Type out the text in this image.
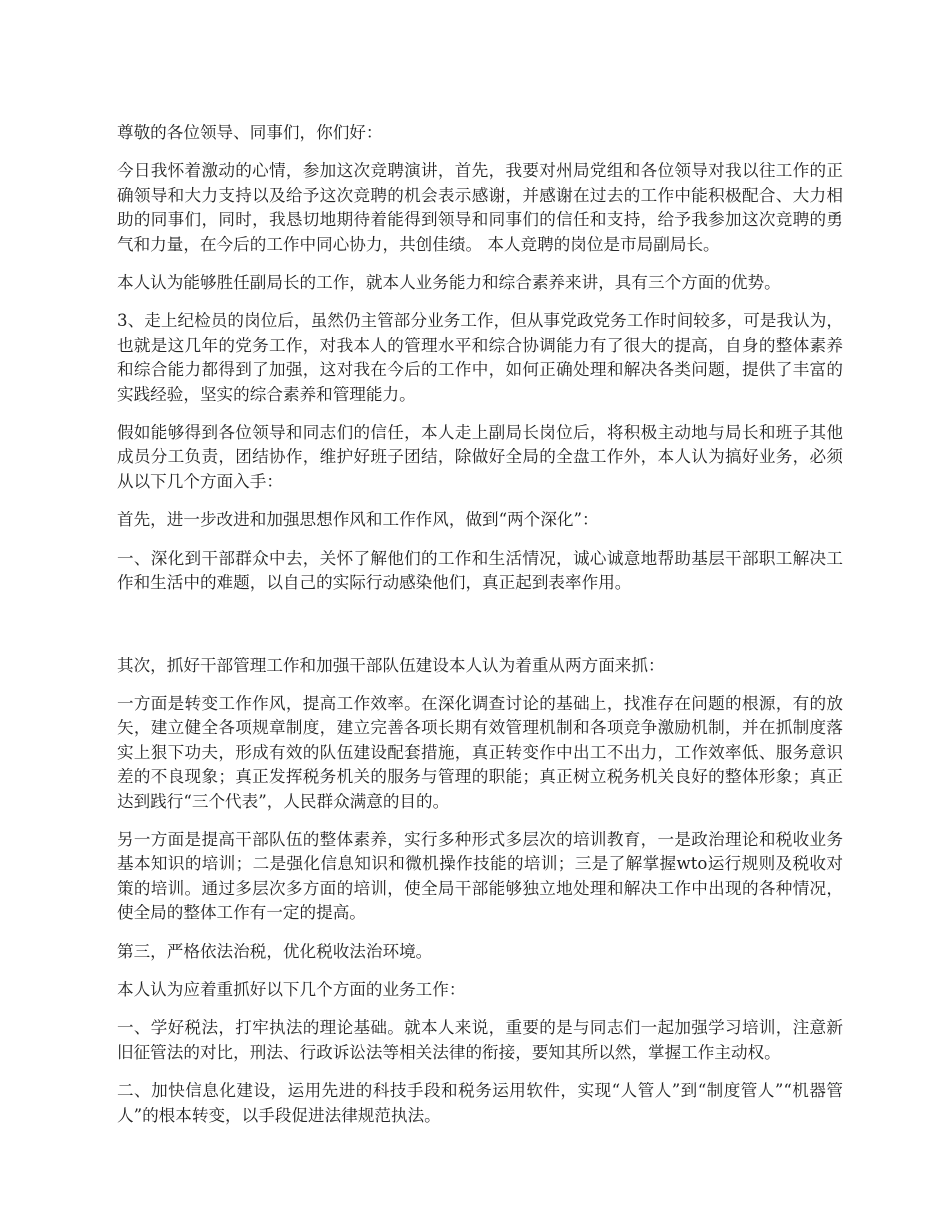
尊敬的各位领导、同事们，你们好：

今日我怀着激动的心情，参加这次竞聘演讲，首先，我要对州局党组和各位领导对我以往工作的正确领导和大力支持以及给予这次竞聘的机会表示感谢，并感谢在过去的工作中能积极配合、大力相助的同事们，同时，我恳切地期待着能得到领导和同事们的信任和支持，给予我参加这次竞聘的勇气和力量，在今后的工作中同心协力，共创佳绩。 本人竞聘的岗位是市局副局长。

本人认为能够胜任副局长的工作，就本人业务能力和综合素养来讲，具有三个方面的优势。

3、走上纪检员的岗位后，虽然仍主管部分业务工作，但从事党政党务工作时间较多，可是我认为，也就是这几年的党务工作，对我本人的管理水平和综合协调能力有了很大的提高，自身的整体素养和综合能力都得到了加强，这对我在今后的工作中，如何正确处理和解决各类问题，提供了丰富的实践经验，坚实的综合素养和管理能力。

假如能够得到各位领导和同志们的信任，本人走上副局长岗位后，将积极主动地与局长和班子其他成员分工负责，团结协作，维护好班子团结，除做好全局的全盘工作外，本人认为搞好业务，必须从以下几个方面入手：

首先，进一步改进和加强思想作风和工作作风，做到“两个深化”：

一、深化到干部群众中去，关怀了解他们的工作和生活情况，诚心诚意地帮助基层干部职工解决工作和生活中的难题，以自己的实际行动感染他们，真正起到表率作用。

其次，抓好干部管理工作和加强干部队伍建设本人认为着重从两方面来抓：

一方面是转变工作作风，提高工作效率。在深化调查讨论的基础上，找准存在问题的根源，有的放矢，建立健全各项规章制度，建立完善各项长期有效管理机制和各项竞争激励机制，并在抓制度落实上狠下功夫，形成有效的队伍建设配套措施，真正转变作中出工不出力，工作效率低、服务意识差的不良现象；真正发挥税务机关的服务与管理的职能；真正树立税务机关良好的整体形象；真正达到践行“三个代表”，人民群众满意的目的。

另一方面是提高干部队伍的整体素养，实行多种形式多层次的培训教育，一是政治理论和税收业务基本知识的培训；二是强化信息知识和微机操作技能的培训；三是了解掌握wto运行规则及税收对策的培训。通过多层次多方面的培训，使全局干部能够独立地处理和解决工作中出现的各种情况，使全局的整体工作有一定的提高。

第三，严格依法治税，优化税收法治环境。

本人认为应着重抓好以下几个方面的业务工作：

一、学好税法，打牢执法的理论基础。就本人来说，重要的是与同志们一起加强学习培训，注意新旧征管法的对比，刑法、行政诉讼法等相关法律的衔接，要知其所以然，掌握工作主动权。

二、加快信息化建设，运用先进的科技手段和税务运用软件，实现“人管人”到“制度管人”“机器管人”的根本转变，以手段促进法律规范执法。
